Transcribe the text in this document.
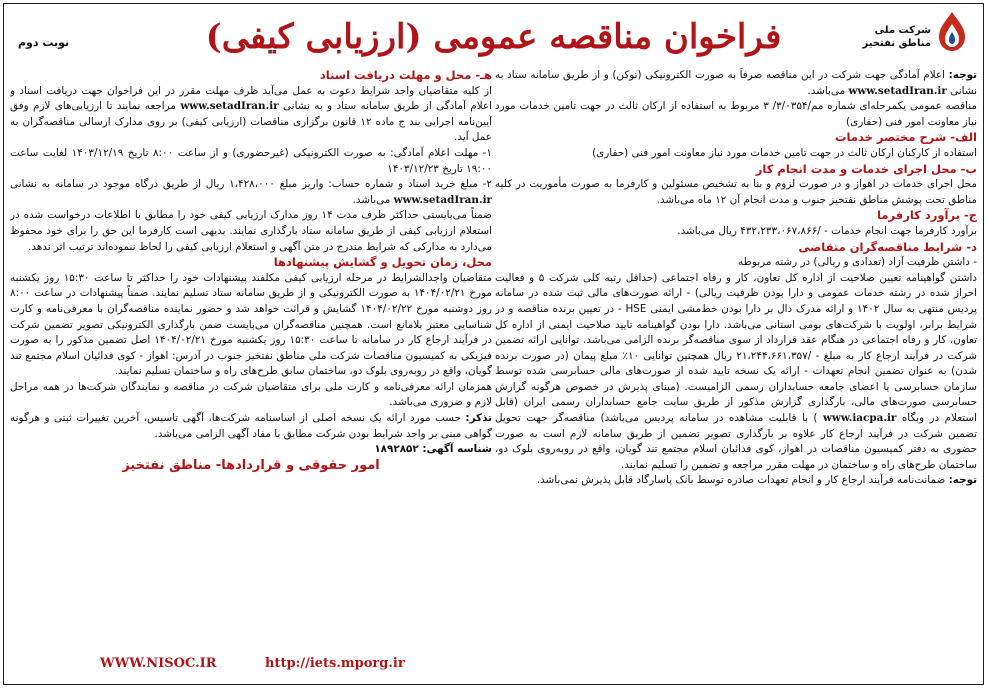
شرکت ملی
مناطق نفتخیز
فراخوان مناقصه عمومی (ارزیابی کیفی)
نوبت دوم

توجه: اعلام آمادگی جهت شرکت در این مناقصه صرفاً به صورت الکترونیکی (توکن) و از طریق سامانه ستاد به نشانی www.setadIran.ir می‌باشد.

مناقصه عمومی یکمرحله‌ای شماره مم/۳/۰۳۵۴/ ۳ مربوط به استفاده از ارکان ثالث در جهت تامین خدمات مورد نیاز معاونت امور فنی (حفاری)

الف- شرح مختصر خدمات

استفاده از کارکنان ارکان ثالث در جهت تامین خدمات مورد نیاز معاونت امور فنی (حفاری)

ب- محل اجرای خدمات و مدت انجام کار

محل اجرای خدمات در اهواز و در صورت لزوم و بنا به تشخیص مسئولین و کارفرما به صورت مأموریت در کلیه مناطق تحت پوشش مناطق نفتخیز جنوب و مدت انجام آن ۱۲ ماه می‌باشد.

ج- برآورد کارفرما

برآورد کارفرما جهت انجام خدمات - /۴۳۲،۲۳۳،۰۶۷،۸۶۶ ریال می‌باشد.

د- شرایط مناقصه‌گران متقاضی

- داشتن ظرفیت آزاد (تعدادی و ریالی) در رشته مربوطه

داشتن گواهینامه تعیین صلاحیت از اداره کل تعاون، کار و رفاه اجتماعی (حداقل رتبه کلی شرکت ۵ و فعالیت احراز شده در رشته خدمات عمومی و دارا بودن ظرفیت ریالی) - ارائه صورت‌های مالی ثبت شده در سامانه پردیس منتهی به سال ۱۴۰۲ و ارائه مدرک دال بر دارا بودن خط‌مشی ایمنی HSE - در تعیین برنده مناقصه و در شرایط برابر، اولویت با شرکت‌های بومی استانی می‌باشد. دارا بودن گواهینامه تایید صلاحیت ایمنی از اداره کل تعاون، کار و رفاه اجتماعی در هنگام عقد قرارداد از سوی مناقصه‌گر برنده الزامی می‌باشد. توانایی ارائه تضمین شرکت در فرآیند ارجاع کار به مبلغ - /۲۱،۲۴۴،۶۶۱،۳۵۷ ریال همچنین توانایی ۱۰٪ مبلغ پیمان (در صورت برنده شدن) به عنوان تضمین انجام تعهدات - ارائه یک نسخه تایید شده از صورت‌های مالی حسابرسی شده توسط سازمان حسابرسی یا اعضای جامعه حسابداران رسمی الزامیست. (مبنای پذیرش در خصوص هرگونه گزارش حسابرسی صورت‌های مالی، بارگذاری گزارش مذکور از طریق سایت جامع حسابداران رسمی ایران (قابل استعلام در وبگاه www.iacpa.ir ) با قابلیت مشاهده در سامانه پردیس می‌باشد) مناقصه‌گر جهت تحویل تضمین شرکت در فرآیند ارجاع کار علاوه بر بارگذاری تصویر تضمین از طریق سامانه لازم است به صورت حضوری به دفتر کمیسیون مناقصات در اهواز، کوی فدائیان اسلام مجتمع تند گویان، واقع در روبه‌روی بلوک دو، ساختمان طرح‌های راه و ساختمان در مهلت مقرر مراجعه و تضمین را تسلیم نمایند.

توجه: ضمانت‌نامه فرآیند ارجاع کار و انجام تعهدات صادره توسط بانک پاسارگاد قابل پذیرش نمی‌باشد.

هـ- محل و مهلت دریافت اسناد

از کلیه متقاضیان واجد شرایط دعوت به عمل می‌آید ظرف مهلت مقرر در این فراخوان جهت دریافت اسناد و اعلام آمادگی از طریق سامانه ستاد و به نشانی www.setadIran.ir مراجعه نمایند تا ارزیابی‌های لازم وفق آیین‌نامه اجرایی بند ج ماده ۱۲ قانون برگزاری مناقصات (ارزیابی کیفی) بر روی مدارک ارسالی مناقصه‌گران به عمل آید.

۱- مهلت اعلام آمادگی: به صورت الکترونیکی (غیرحضوری) و از ساعت ۸:۰۰ تاریخ ۱۴۰۳/۱۲/۱۹ لغایت ساعت ۱۹:۰۰ تاریخ ۱۴۰۳/۱۲/۲۳

۲- مبلغ خرید اسناد و شماره حساب: واریز مبلغ ۱،۴۲۸،۰۰۰ ریال از طریق درگاه موجود در سامانه به نشانی www.setadIran.ir می‌باشد.

ضمناً می‌بایستی حداکثر ظرف مدت ۱۴ روز مدارک ارزیابی کیفی خود را مطابق با اطلاعات درخواست شده در استعلام ارزیابی کیفی از طریق سامانه ستاد بارگذاری نمایند. بدیهی است کارفرما این حق را برای خود محفوظ می‌دارد به مدارکی که شرایط مندرج در متن آگهی و استعلام ارزیابی کیفی را لحاظ ننموده‌اند ترتیب اثر ندهد.

محل، زمان تحویل و گشایش پیشنهادها

متقاضیان واجدالشرایط در مرحله ارزیابی کیفی مکلفند پیشنهادات خود را حداکثر تا ساعت ۱۵:۳۰ روز یکشنبه مورخ ۱۴۰۴/۰۲/۲۱ به صورت الکترونیکی و از طریق سامانه ستاد تسلیم نمایند. ضمناً پیشنهادات در ساعت ۸:۰۰ روز دوشنبه مورخ ۱۴۰۴/۰۲/۲۲ گشایش و قرائت خواهد شد و حضور نماینده مناقصه‌گران با معرفی‌نامه و کارت شناسایی معتبر بلامانع است. همچنین مناقصه‌گران می‌بایست ضمن بارگذاری الکترونیکی تصویر تضمین شرکت در فرآیند ارجاع کار در سامانه تا ساعت ۱۵:۳۰ روز یکشنبه مورخ ۱۴۰۴/۰۲/۲۱ اصل تضمین مذکور را به صورت فیزیکی به کمیسیون مناقصات شرکت ملی مناطق نفتخیز جنوب در آدرس: اهواز - کوی فدائیان اسلام مجتمع تند گویان، واقع در روبه‌روی بلوک دو، ساختمان سابق طرح‌های راه و ساختمان تسلیم نمایند.

همزمان ارائه معرفی‌نامه و کارت ملی برای متقاضیان شرکت در مناقصه و نمایندگان شرکت‌ها در همه مراحل لازم و ضروری می‌باشد.

تذکر: حسب مورد ارائه یک نسخه اصلی از اساسنامه شرکت‌ها، آگهی تاسیس، آخرین تغییرات ثبتی و هرگونه گواهی مبنی بر واجد شرایط بودن شرکت مطابق با مفاد آگهی الزامی می‌باشد.

شناسه آگهی: ۱۸۹۲۸۵۲

امور حقوقی و قراردادها- مناطق نفتخیز

WWW.NISOC.IR	http://iets.mporg.ir
